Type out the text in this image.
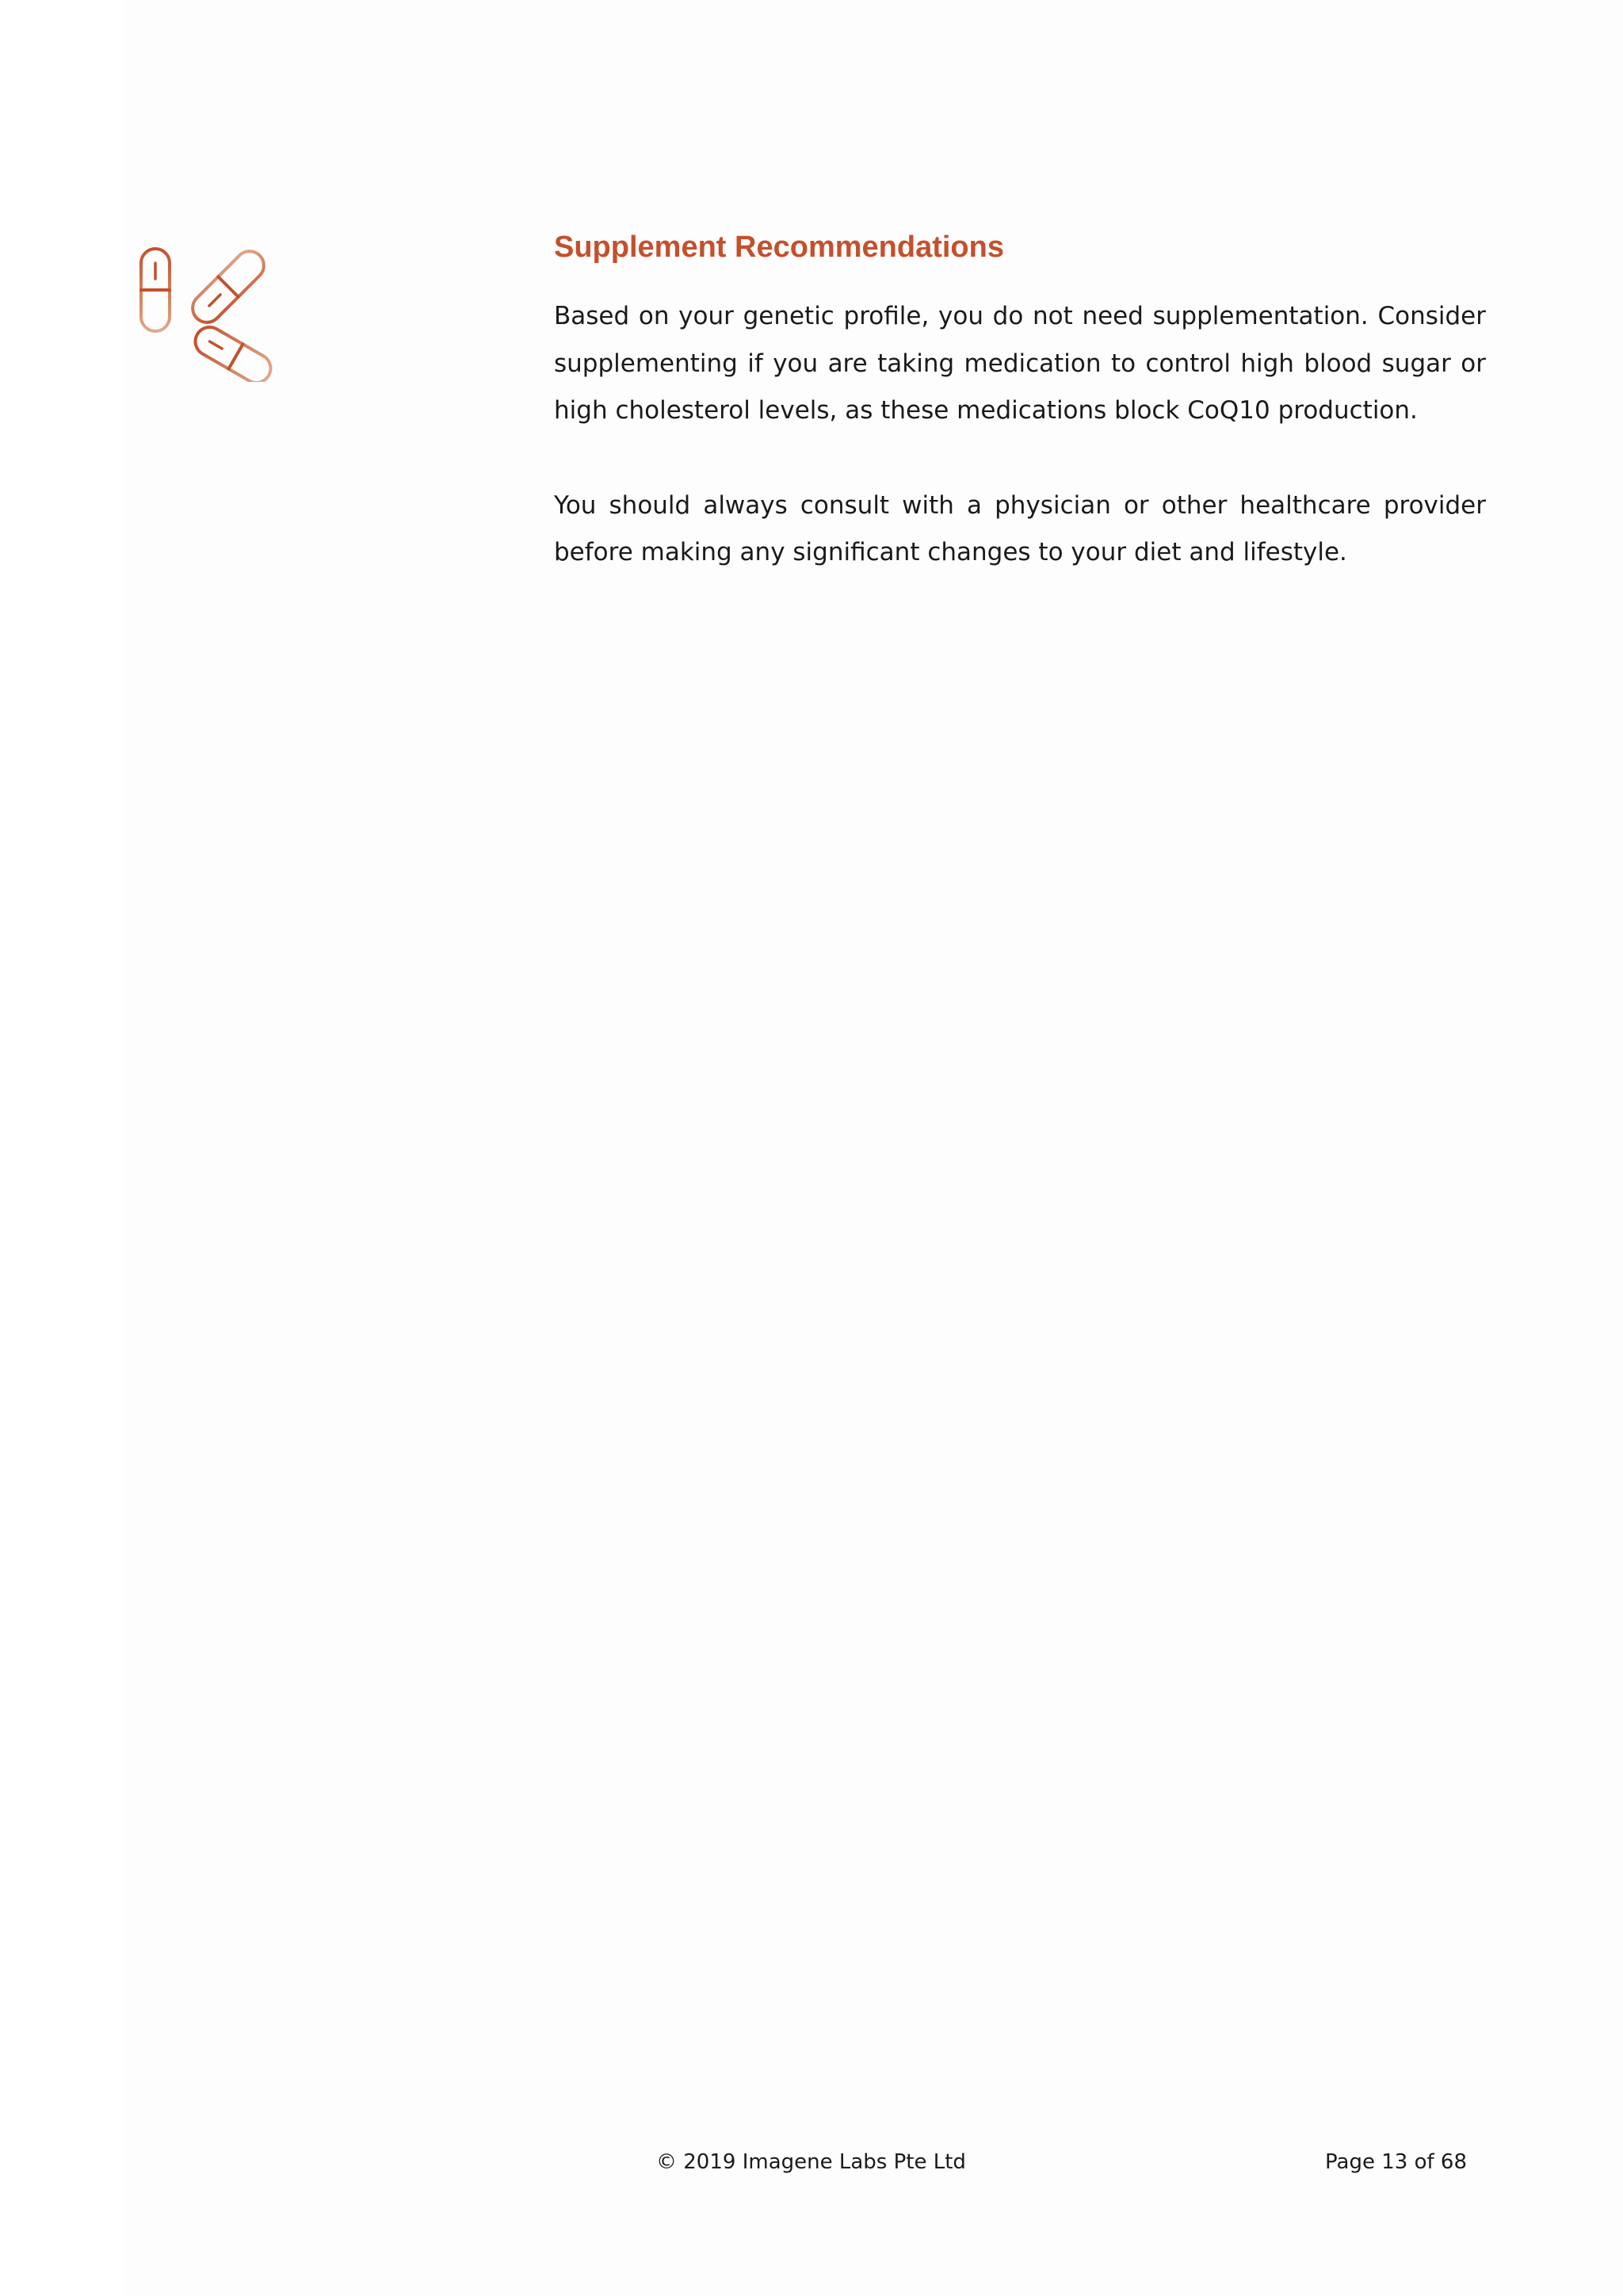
Supplement Recommendations

Based on your genetic profile, you do not need supplementation. Consider supplementing if you are taking medication to control high blood sugar or high cholesterol levels, as these medications block CoQ10 production.

You should always consult with a physician or other healthcare provider before making any significant changes to your diet and lifestyle.

© 2019 Imagene Labs Pte Ltd	Page 13 of 68
